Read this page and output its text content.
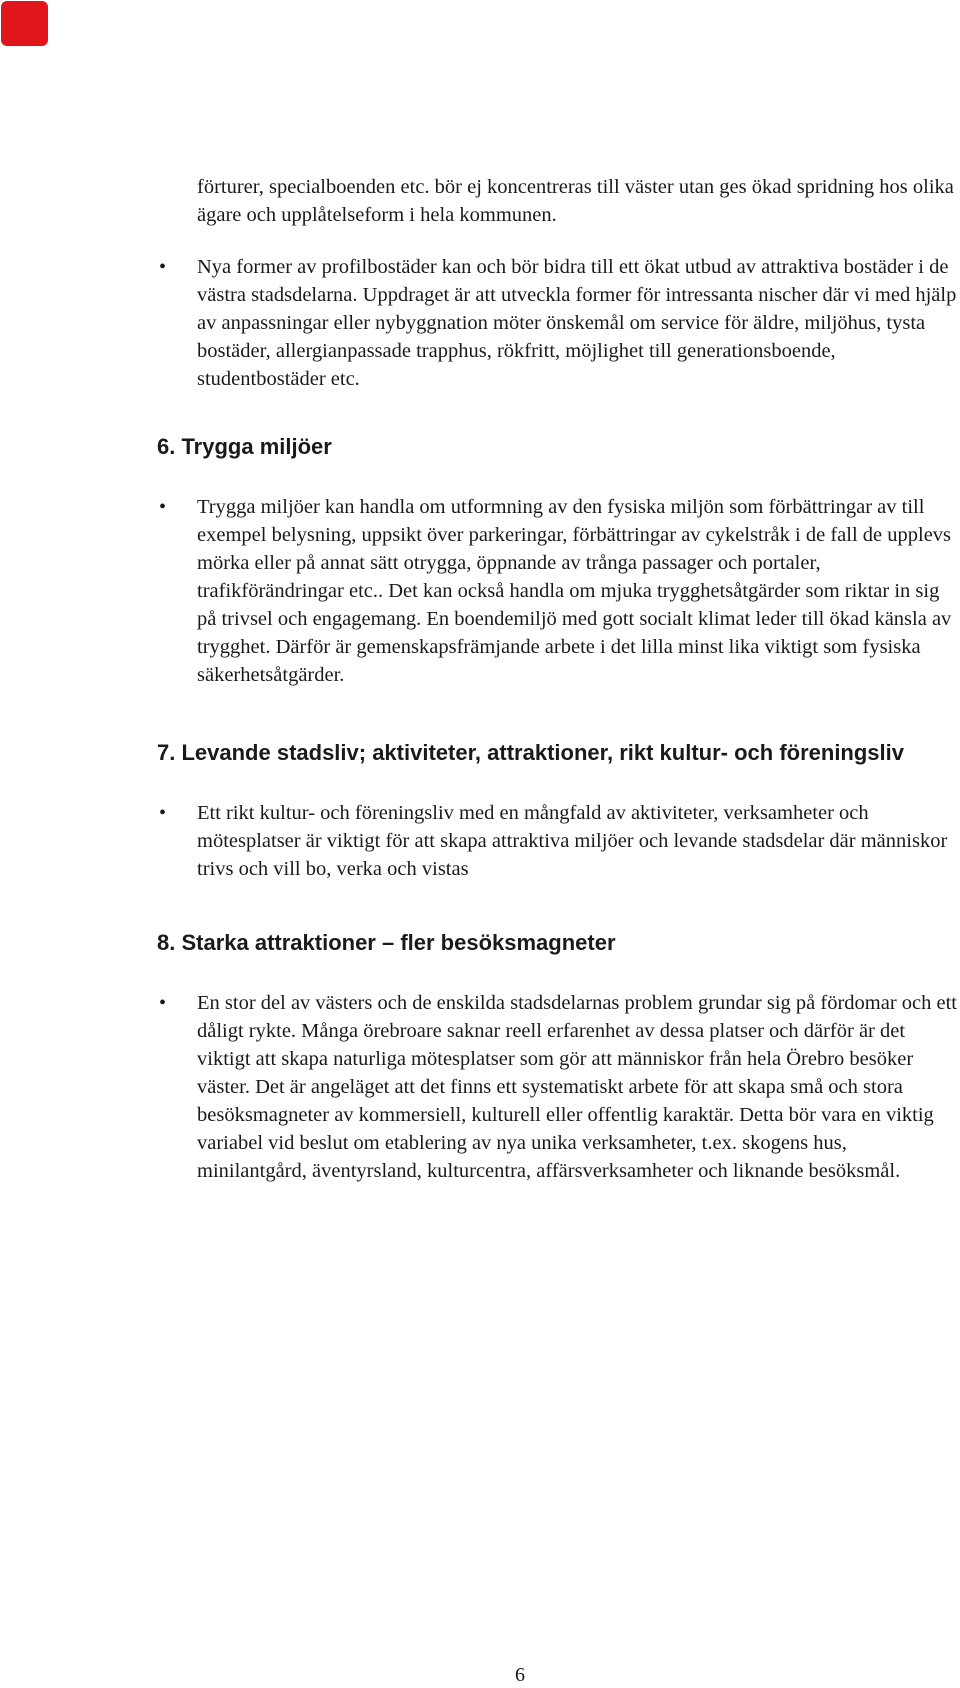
förturer, specialboenden etc. bör ej koncentreras till väster utan ges ökad spridning hos olika ägare och upplåtelseform i hela kommunen.

•	Nya former av profilbostäder kan och bör bidra till ett ökat utbud av attraktiva bostäder i de västra stadsdelarna. Uppdraget är att utveckla former för intressanta nischer där vi med hjälp av anpassningar eller nybyggnation möter önskemål om service för äldre, miljöhus, tysta bostäder, allergianpassade trapphus, rökfritt, möjlighet till generationsboende, studentbostäder etc.
6. Trygga miljöer
•	Trygga miljöer kan handla om utformning av den fysiska miljön som förbättringar av till exempel belysning, uppsikt över parkeringar, förbättringar av cykelstråk i de fall de upplevs mörka eller på annat sätt otrygga, öppnande av trånga passager och portaler, trafikförändringar etc.. Det kan också handla om mjuka trygghetsåtgärder som riktar in sig på trivsel och engagemang. En boendemiljö med gott socialt klimat leder till ökad känsla av trygghet. Därför är gemenskapsfrämjande arbete i det lilla minst lika viktigt som fysiska säkerhetsåtgärder.
7. Levande stadsliv; aktiviteter, attraktioner, rikt kultur- och föreningsliv
•	Ett rikt kultur- och föreningsliv med en mångfald av aktiviteter, verksamheter och mötesplatser är viktigt för att skapa attraktiva miljöer och levande stadsdelar där människor trivs och vill bo, verka och vistas
8. Starka attraktioner – fler besöksmagneter
•	En stor del av västers och de enskilda stadsdelarnas problem grundar sig på fördomar och ett dåligt rykte. Många örebroare saknar reell erfarenhet av dessa platser och därför är det viktigt att skapa naturliga mötesplatser som gör att människor från hela Örebro besöker väster. Det är angeläget att det finns ett systematiskt arbete för att skapa små och stora besöksmagneter av kommersiell, kulturell eller offentlig karaktär. Detta bör vara en viktig variabel vid beslut om etablering av nya unika verksamheter, t.ex. skogens hus, minilantgård, äventyrsland, kulturcentra, affärsverksamheter och liknande besöksmål.
6
